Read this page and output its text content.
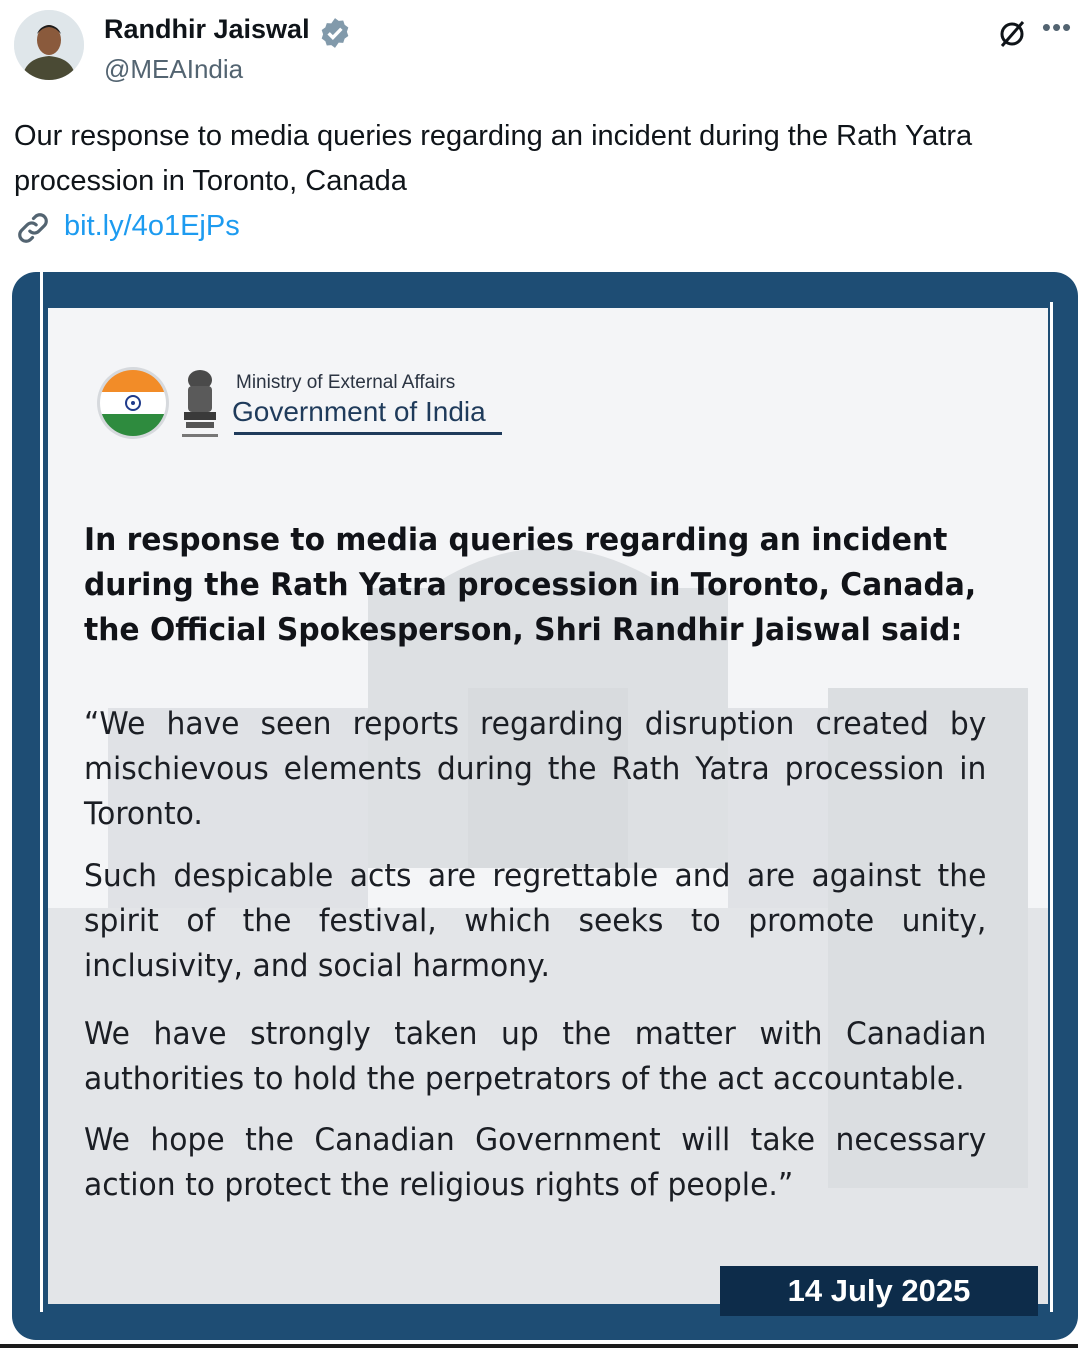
Randhir Jaiswal
@MEAIndia
•••
Our response to media queries regarding an incident during the Rath Yatra procession in Toronto, Canada
bit.ly/4o1EjPs
Ministry of External Affairs
Government of India
In response to media queries regarding an incident during the Rath Yatra procession in Toronto, Canada, the Official Spokesperson, Shri Randhir Jaiswal said:
“We have seen reports regarding disruption created by mischievous elements during the Rath Yatra procession in Toronto.
Such despicable acts are regrettable and are against the spirit of the festival, which seeks to promote unity, inclusivity, and social harmony.
We have strongly taken up the matter with Canadian authorities to hold the perpetrators of the act accountable.
We hope the Canadian Government will take necessary action to protect the religious rights of people.”
14 July 2025
